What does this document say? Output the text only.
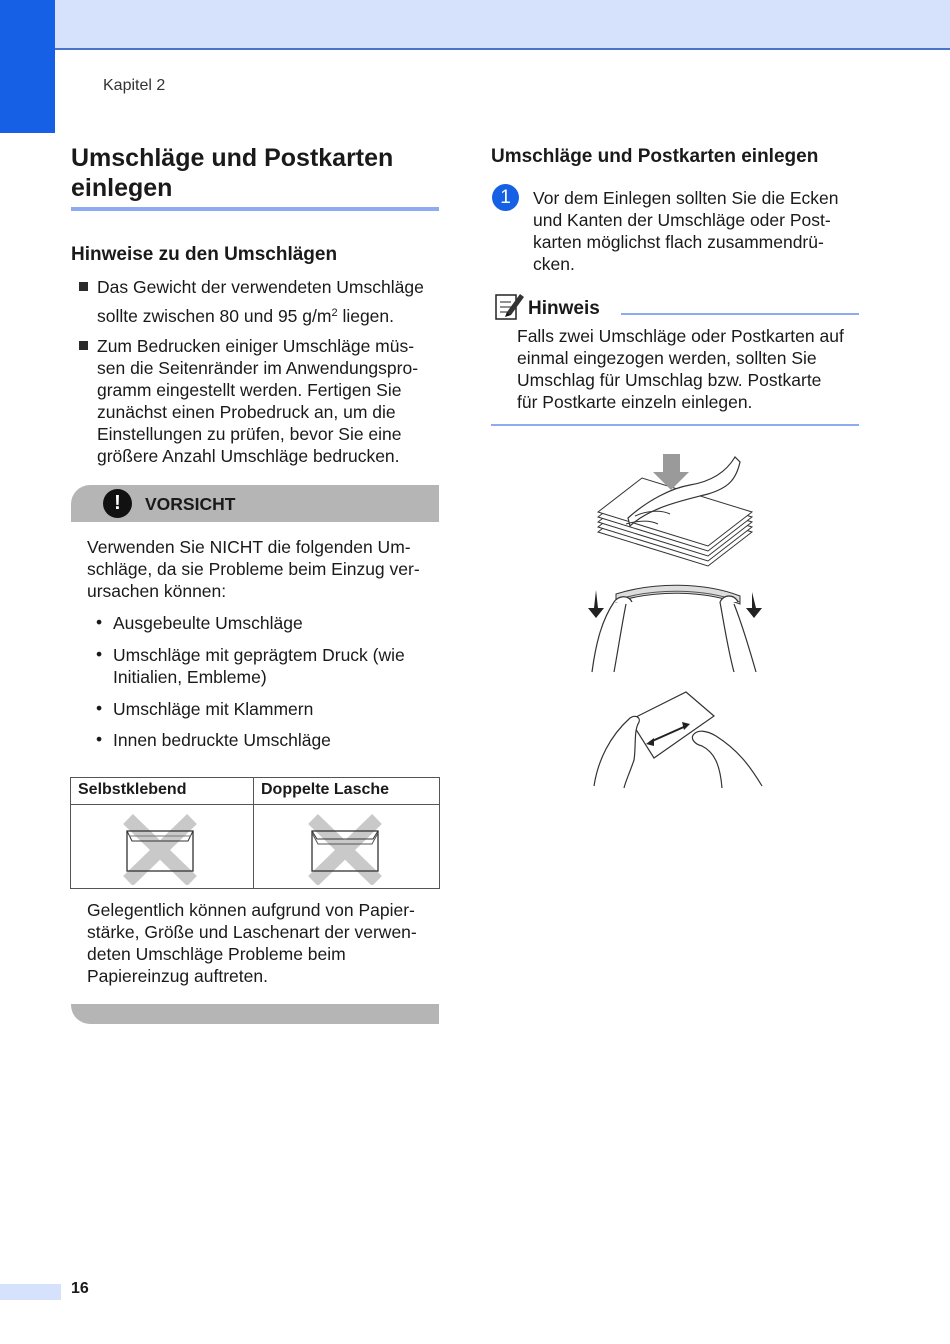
Kapitel 2
Umschläge und Postkarten einlegen
Hinweise zu den Umschlägen
Das Gewicht der verwendeten Umschläge
sollte zwischen 80 und 95 $g/m^2$ liegen.
Zum Bedrucken einiger Umschläge müs-
sen die Seitenränder im Anwendungspro-
gramm eingestellt werden. Fertigen Sie
zunächst einen Probedruck an, um die
Einstellungen zu prüfen, bevor Sie eine
größere Anzahl Umschläge bedrucken.
!	VORSICHT
Verwenden Sie NICHT die folgenden Um-
schläge, da sie Probleme beim Einzug ver-
ursachen können:
• Ausgebeulte Umschläge
• Umschläge mit geprägtem Druck (wie
Initialien, Embleme)
• Umschläge mit Klammern
• Innen bedruckte Umschläge
Selbstklebend	Doppelte Lasche
Gelegentlich können aufgrund von Papier-
stärke, Größe und Laschenart der verwen-
deten Umschläge Probleme beim
Papiereinzug auftreten.
Umschläge und Postkarten einlegen
1	Vor dem Einlegen sollten Sie die Ecken
und Kanten der Umschläge oder Post-
karten möglichst flach zusammendrü-
cken.
Hinweis
Falls zwei Umschläge oder Postkarten auf
einmal eingezogen werden, sollten Sie
Umschlag für Umschlag bzw. Postkarte
für Postkarte einzeln einlegen.
16
